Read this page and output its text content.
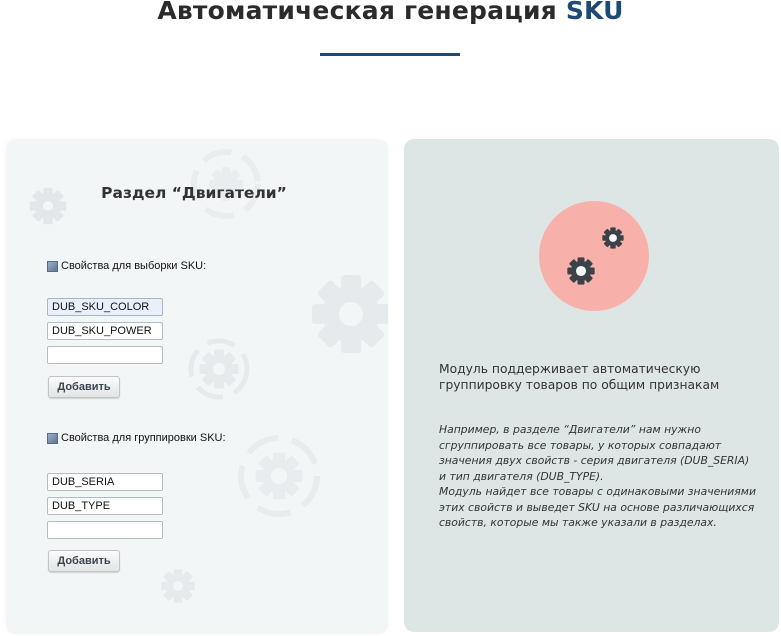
Автоматическая генерация SKU
Раздел “Двигатели”
Свойства для выборки SKU:
DUB_SKU_COLOR
DUB_SKU_POWER
Добавить
Свойства для группировки SKU:
DUB_SERIA
DUB_TYPE
Добавить
Модуль поддерживает автоматическую группировку товаров по общим признакам
Например, в разделе “Двигатели” нам нужно сгруппировать все товары, у которых совпадают значения двух свойств - серия двигателя (DUB_SERIA) и тип двигателя (DUB_TYPE).
Модуль найдет все товары с одинаковыми значениями этих свойств и выведет SKU на основе различающихся свойств, которые мы также указали в разделах.
